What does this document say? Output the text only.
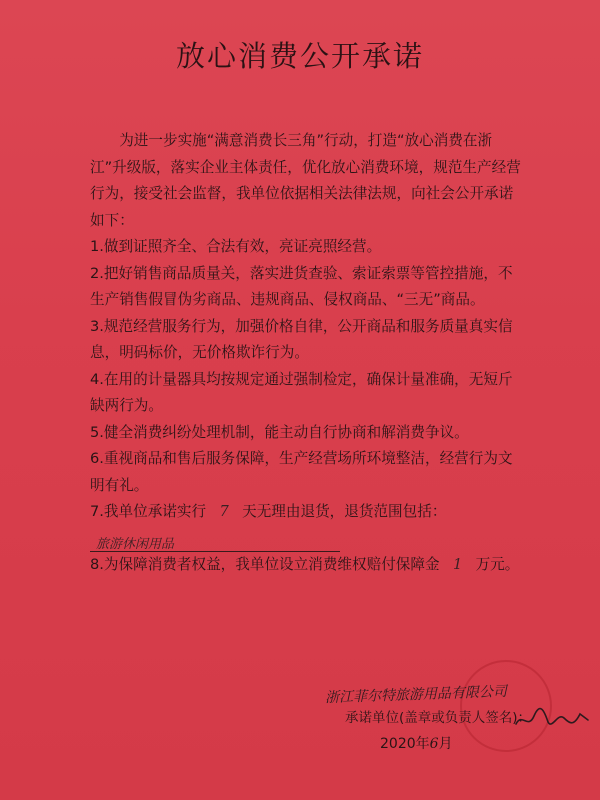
放心消费公开承诺

为进一步实施“满意消费长三角”行动，打造“放心消费在浙江”升级版，落实企业主体责任，优化放心消费环境，规范生产经营行为，接受社会监督，我单位依据相关法律法规，向社会公开承诺如下：

1.做到证照齐全、合法有效，亮证亮照经营。

2.把好销售商品质量关，落实进货查验、索证索票等管控措施，不生产销售假冒伪劣商品、违规商品、侵权商品、“三无”商品。

3.规范经营服务行为，加强价格自律，公开商品和服务质量真实信息，明码标价，无价格欺诈行为。

4.在用的计量器具均按规定通过强制检定，确保计量准确，无短斤缺两行为。

5.健全消费纠纷处理机制，能主动自行协商和解消费争议。

6.重视商品和售后服务保障，生产经营场所环境整洁，经营行为文明有礼。

7.我单位承诺实行 7 天无理由退货，退货范围包括：旅游休闲用品

8.为保障消费者权益，我单位设立消费维权赔付保障金 1 万元。

浙江菲尔特旅游用品有限公司
承诺单位(盖章或负责人签名)：
2020年6月
